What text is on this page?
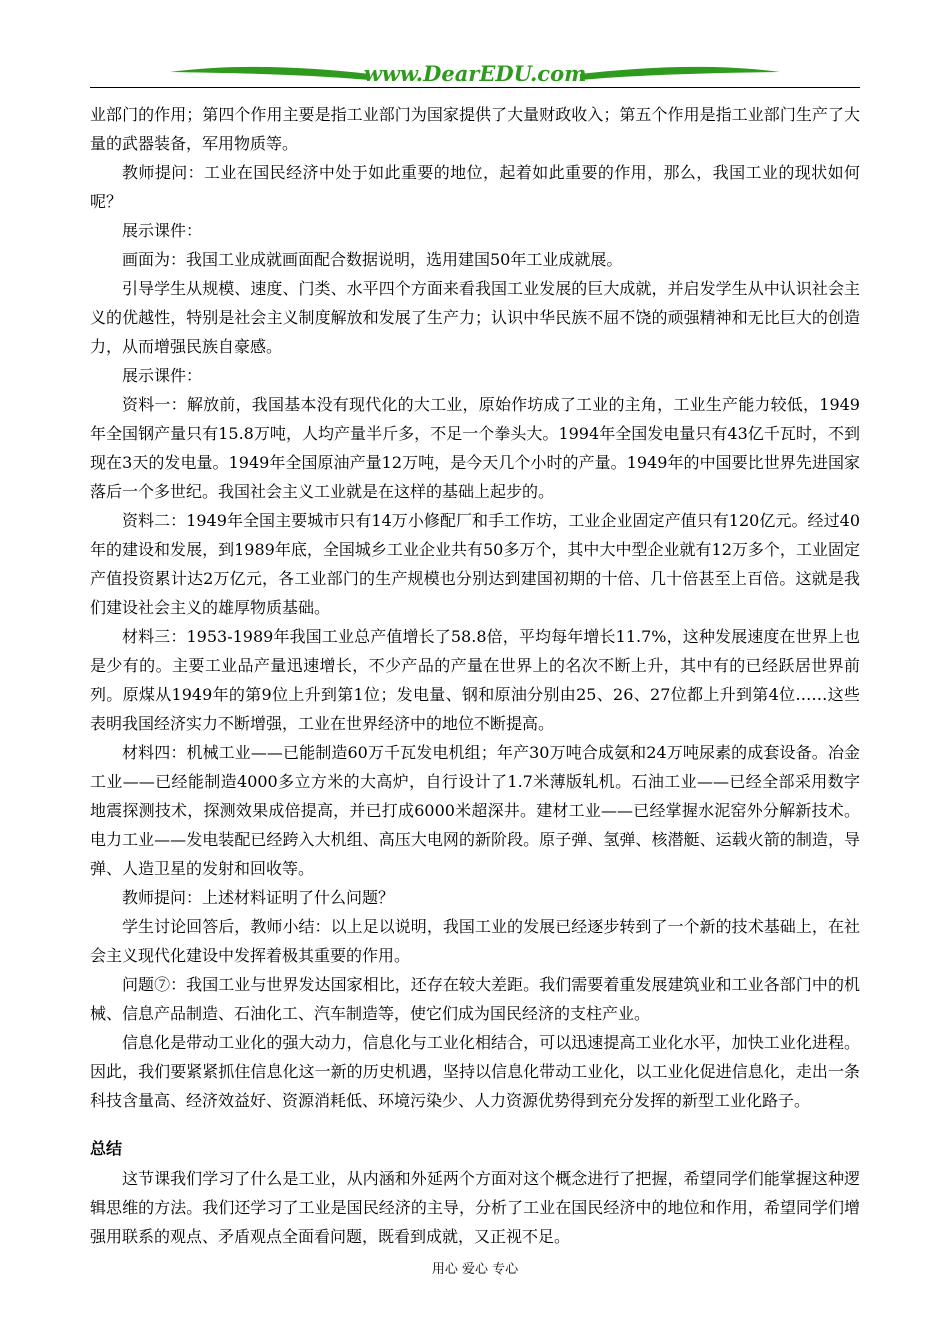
www.DearEDU.com

业部门的作用；第四个作用主要是指工业部门为国家提供了大量财政收入；第五个作用是指工业部门生产了大量的武器装备，军用物质等。

教师提问：工业在国民经济中处于如此重要的地位，起着如此重要的作用，那么，我国工业的现状如何呢？

展示课件：

画面为：我国工业成就画面配合数据说明，选用建国50年工业成就展。

引导学生从规模、速度、门类、水平四个方面来看我国工业发展的巨大成就，并启发学生从中认识社会主义的优越性，特别是社会主义制度解放和发展了生产力；认识中华民族不屈不饶的顽强精神和无比巨大的创造力，从而增强民族自豪感。

展示课件：

资料一：解放前，我国基本没有现代化的大工业，原始作坊成了工业的主角，工业生产能力较低，1949年全国钢产量只有15.8万吨，人均产量半斤多，不足一个拳头大。1994年全国发电量只有43亿千瓦时，不到现在3天的发电量。1949年全国原油产量12万吨，是今天几个小时的产量。1949年的中国要比世界先进国家落后一个多世纪。我国社会主义工业就是在这样的基础上起步的。

资料二：1949年全国主要城市只有14万小修配厂和手工作坊，工业企业固定产值只有120亿元。经过40年的建设和发展，到1989年底，全国城乡工业企业共有50多万个，其中大中型企业就有12万多个，工业固定产值投资累计达2万亿元，各工业部门的生产规模也分别达到建国初期的十倍、几十倍甚至上百倍。这就是我们建设社会主义的雄厚物质基础。

材料三：1953-1989年我国工业总产值增长了58.8倍，平均每年增长11.7%，这种发展速度在世界上也是少有的。主要工业品产量迅速增长，不少产品的产量在世界上的名次不断上升，其中有的已经跃居世界前列。原煤从1949年的第9位上升到第1位；发电量、钢和原油分别由25、26、27位都上升到第4位……这些表明我国经济实力不断增强，工业在世界经济中的地位不断提高。

材料四：机械工业——已能制造60万千瓦发电机组；年产30万吨合成氨和24万吨尿素的成套设备。冶金工业——已经能制造4000多立方米的大高炉，自行设计了1.7米薄版轧机。石油工业——已经全部采用数字地震探测技术，探测效果成倍提高，并已打成6000米超深井。建材工业——已经掌握水泥窑外分解新技术。电力工业——发电装配已经跨入大机组、高压大电网的新阶段。原子弹、氢弹、核潜艇、运载火箭的制造，导弹、人造卫星的发射和回收等。

教师提问：上述材料证明了什么问题？

学生讨论回答后，教师小结：以上足以说明，我国工业的发展已经逐步转到了一个新的技术基础上，在社会主义现代化建设中发挥着极其重要的作用。

问题⑦：我国工业与世界发达国家相比，还存在较大差距。我们需要着重发展建筑业和工业各部门中的机械、信息产品制造、石油化工、汽车制造等，使它们成为国民经济的支柱产业。

信息化是带动工业化的强大动力，信息化与工业化相结合，可以迅速提高工业化水平，加快工业化进程。因此，我们要紧紧抓住信息化这一新的历史机遇，坚持以信息化带动工业化，以工业化促进信息化，走出一条科技含量高、经济效益好、资源消耗低、环境污染少、人力资源优势得到充分发挥的新型工业化路子。

总结

这节课我们学习了什么是工业，从内涵和外延两个方面对这个概念进行了把握，希望同学们能掌握这种逻辑思维的方法。我们还学习了工业是国民经济的主导，分析了工业在国民经济中的地位和作用，希望同学们增强用联系的观点、矛盾观点全面看问题，既看到成就，又正视不足。

用心 爱心 专心
